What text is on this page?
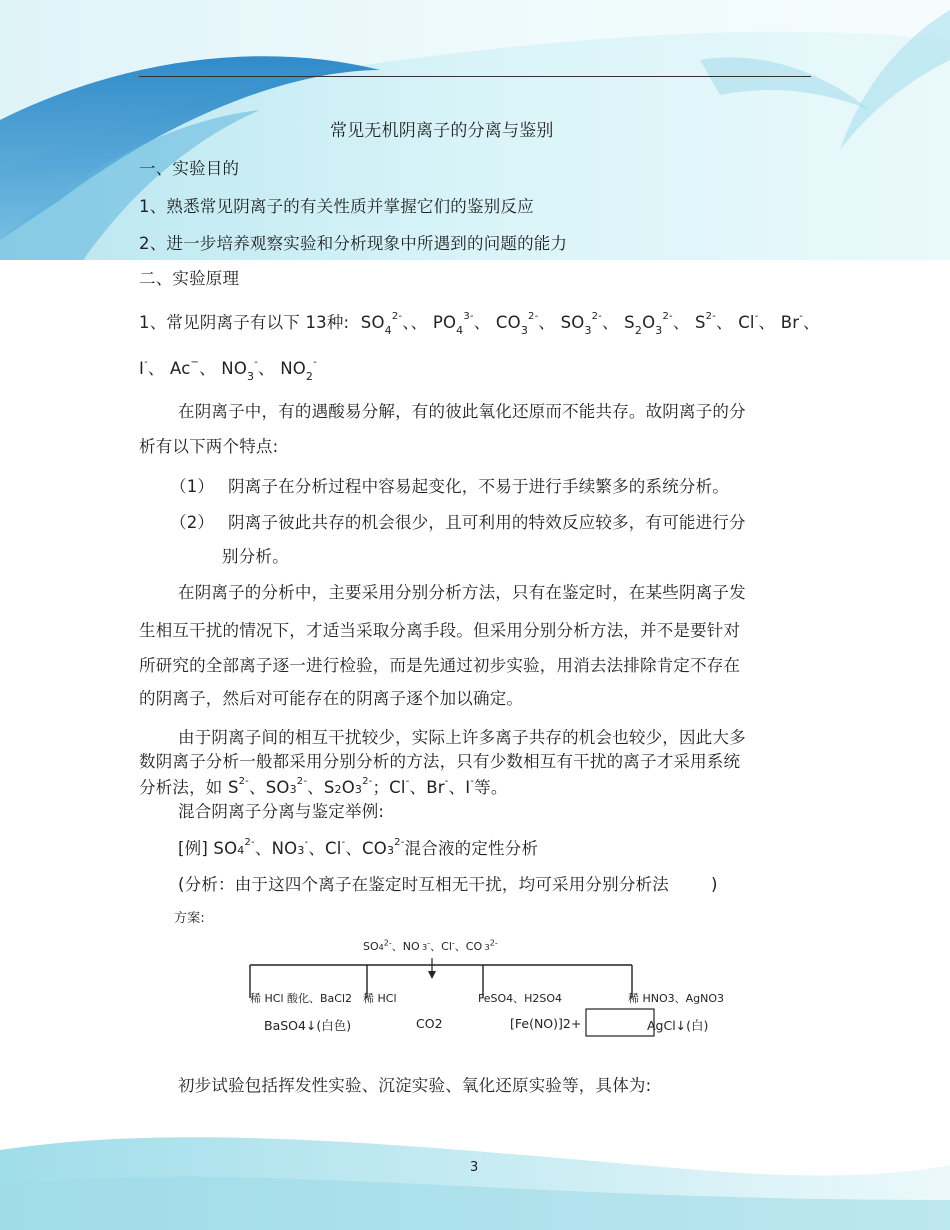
常见无机阴离子的分离与鉴别
一、实验目的
1、熟悉常见阴离子的有关性质并掌握它们的鉴别反应
2、进一步培养观察实验和分析现象中所遇到的问题的能力
二、实验原理
1、常见阴离子有以下 13种: $SO_4^{2-}$、、 $PO_4^{3-}$、 $CO_3^{2-}$、 $SO_3^{2-}$、 $S_2O_3^{2-}$、 $S^{2-}$、 Cl-、 Br-、
I-、 Ac−、 $NO_3^-$、 $NO_2^-$
在阴离子中，有的遇酸易分解，有的彼此氧化还原而不能共存。故阴离子的分
析有以下两个特点:
（1） 阴离子在分析过程中容易起变化，不易于进行手续繁多的系统分析。
（2） 阴离子彼此共存的机会很少，且可利用的特效反应较多，有可能进行分
别分析。
在阴离子的分析中，主要采用分别分析方法，只有在鉴定时，在某些阴离子发
生相互干扰的情况下，才适当采取分离手段。但采用分别分析方法，并不是要针对
所研究的全部离子逐一进行检验，而是先通过初步实验，用消去法排除肯定不存在
的阴离子，然后对可能存在的阴离子逐个加以确定。
由于阴离子间的相互干扰较少，实际上许多离子共存的机会也较少，因此大多
数阴离子分析一般都采用分别分析的方法，只有少数相互有干扰的离子才采用系统
分析法，如 $S^{2-}$、$SO3^{2-}$、$S2O3^{2-}$；Cl-、Br-、I-等。
混合阴离子分离与鉴定举例:
[例] $SO4^{2-}$、NO3-、Cl-、$CO3^{2-}$混合液的定性分析
(分析：由于这四个离子在鉴定时互相无干扰，均可采用分别分析法	)
方案:
$SO4^{2-}$、NO 3-、Cl-、CO $3^{2-}$
稀 HCl 酸化、BaCl2 稀 HCl	FeSO4、H2SO4	稀 HNO3、AgNO3
BaSO4↓(白色)	CO2	[Fe(NO)]2+	AgCl↓(白)
初步试验包括挥发性实验、沉淀实验、氧化还原实验等，具体为:
3
